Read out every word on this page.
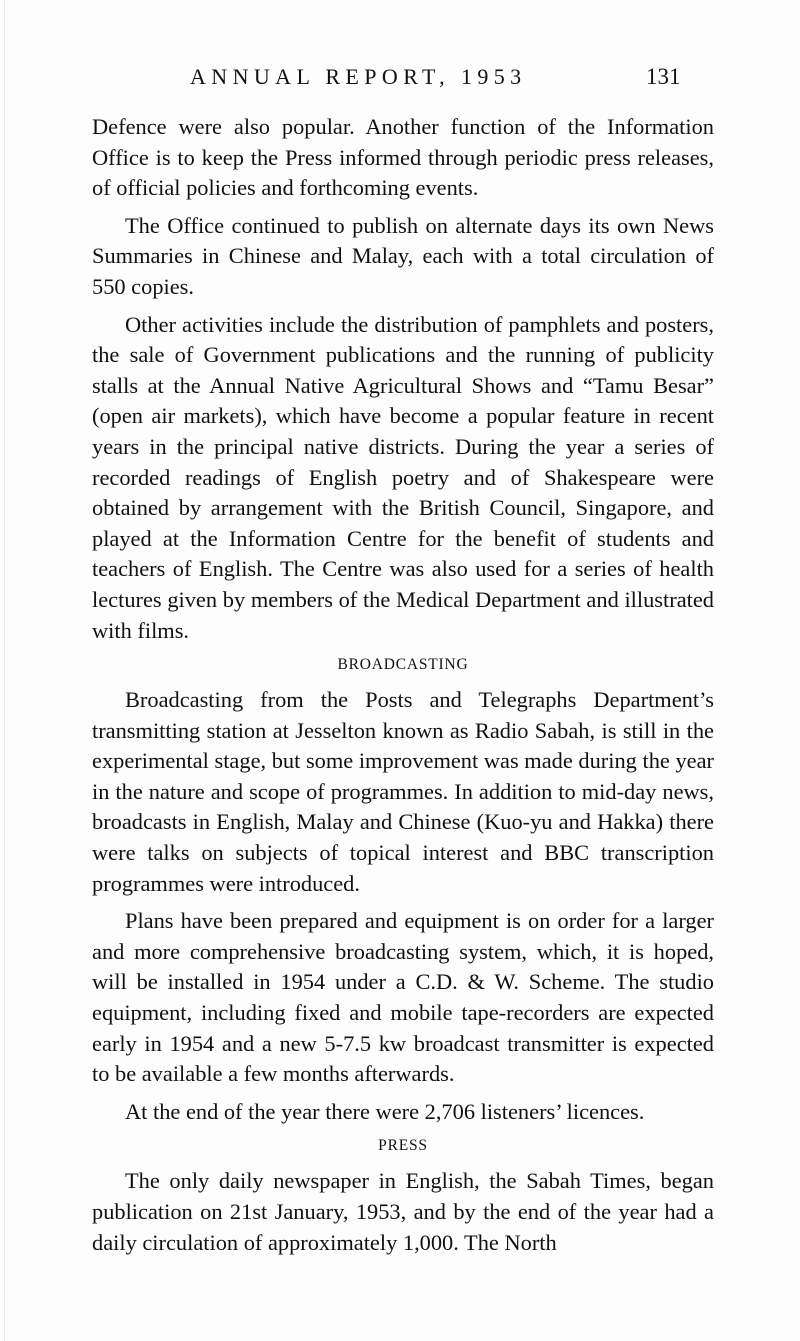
ANNUAL REPORT, 1953	131

Defence were also popular. Another function of the Information Office is to keep the Press informed through periodic press releases, of official policies and forthcoming events.

The Office continued to publish on alternate days its own News Summaries in Chinese and Malay, each with a total circulation of 550 copies.

Other activities include the distribution of pamphlets and posters, the sale of Government publications and the running of publicity stalls at the Annual Native Agricultural Shows and “Tamu Besar” (open air markets), which have become a popular feature in recent years in the principal native districts. During the year a series of recorded readings of English poetry and of Shakespeare were obtained by arrangement with the British Council, Singapore, and played at the Information Centre for the benefit of students and teachers of English. The Centre was also used for a series of health lectures given by members of the Medical Department and illustrated with films.

BROADCASTING

Broadcasting from the Posts and Telegraphs Department’s transmitting station at Jesselton known as Radio Sabah, is still in the experimental stage, but some improvement was made during the year in the nature and scope of programmes. In addition to mid-day news, broadcasts in English, Malay and Chinese (Kuo-yu and Hakka) there were talks on subjects of topical interest and BBC transcription programmes were introduced.

Plans have been prepared and equipment is on order for a larger and more comprehensive broadcasting system, which, it is hoped, will be installed in 1954 under a C.D. & W. Scheme. The studio equipment, including fixed and mobile tape-recorders are expected early in 1954 and a new 5-7.5 kw broadcast transmitter is expected to be available a few months afterwards.

At the end of the year there were 2,706 listeners’ licences.

PRESS

The only daily newspaper in English, the Sabah Times, began publication on 21st January, 1953, and by the end of the year had a daily circulation of approximately 1,000. The North
